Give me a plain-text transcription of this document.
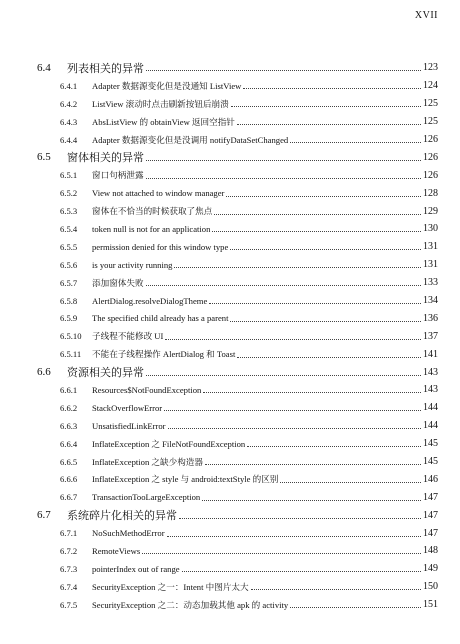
XVII
6.4	列表相关的异常	123
6.4.1	Adapter 数据源变化但是没通知 ListView	124
6.4.2	ListView 滚动时点击刷新按钮后崩溃	125
6.4.3	AbsListView 的 obtainView 返回空指针	125
6.4.4	Adapter 数据源变化但是没调用 notifyDataSetChanged	126
6.5	窗体相关的异常	126
6.5.1	窗口句柄泄露	126
6.5.2	View not attached to window manager	128
6.5.3	窗体在不恰当的时候获取了焦点	129
6.5.4	token null is not for an application	130
6.5.5	permission denied for this window type	131
6.5.6	is your activity running	131
6.5.7	添加窗体失败	133
6.5.8	AlertDialog.resolveDialogTheme	134
6.5.9	The specified child already has a parent	136
6.5.10 子线程不能修改 UI	137
6.5.11	不能在子线程操作 AlertDialog 和 Toast	141
6.6	资源相关的异常	143
6.6.1	Resources$NotFoundException	143
6.6.2	StackOverflowError	144
6.6.3	UnsatisfiedLinkError	144
6.6.4	InflateException 之 FileNotFoundException	145
6.6.5	InflateException 之缺少构造器	145
6.6.6	InflateException 之 style 与 android:textStyle 的区别	146
6.6.7	TransactionTooLargeException	147
6.7	系统碎片化相关的异常	147
6.7.1	NoSuchMethodError	147
6.7.2	RemoteViews	148
6.7.3	pointerIndex out of range	149
6.7.4	SecurityException 之一：Intent 中图片太大	150
6.7.5	SecurityException 之二：动态加载其他 apk 的 activity	151
